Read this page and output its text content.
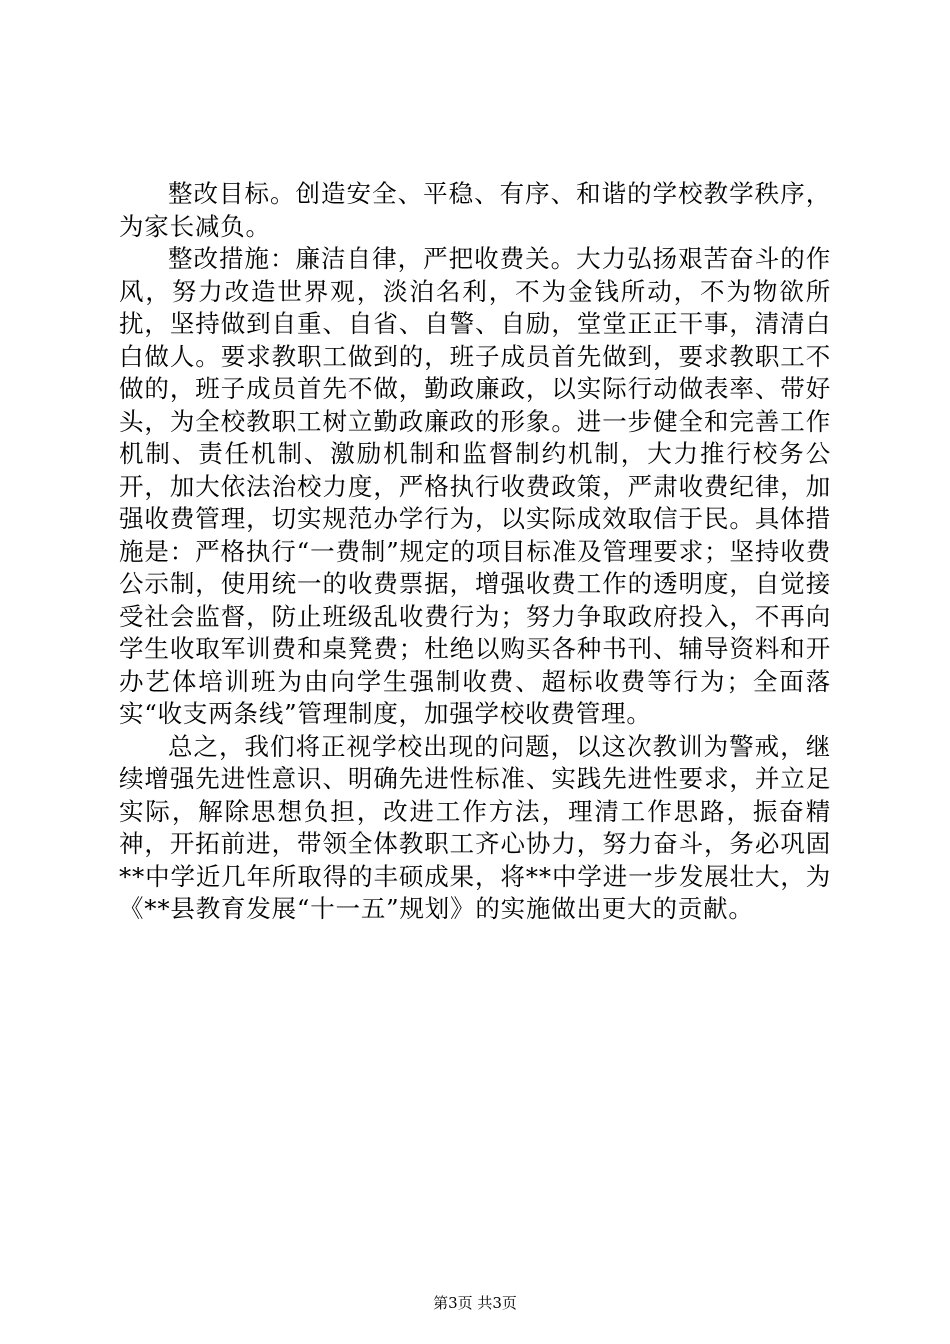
整改目标。创造安全、平稳、有序、和谐的学校教学秩序，为家长减负。

整改措施：廉洁自律，严把收费关。大力弘扬艰苦奋斗的作风，努力改造世界观，淡泊名利，不为金钱所动，不为物欲所扰，坚持做到自重、自省、自警、自励，堂堂正正干事，清清白白做人。要求教职工做到的，班子成员首先做到，要求教职工不做的，班子成员首先不做，勤政廉政，以实际行动做表率、带好头，为全校教职工树立勤政廉政的形象。进一步健全和完善工作机制、责任机制、激励机制和监督制约机制，大力推行校务公开，加大依法治校力度，严格执行收费政策，严肃收费纪律，加强收费管理，切实规范办学行为，以实际成效取信于民。具体措施是：严格执行“一费制”规定的项目标准及管理要求；坚持收费公示制，使用统一的收费票据，增强收费工作的透明度，自觉接受社会监督，防止班级乱收费行为；努力争取政府投入，不再向学生收取军训费和桌凳费；杜绝以购买各种书刊、辅导资料和开办艺体培训班为由向学生强制收费、超标收费等行为；全面落实“收支两条线”管理制度，加强学校收费管理。

总之，我们将正视学校出现的问题，以这次教训为警戒，继续增强先进性意识、明确先进性标准、实践先进性要求，并立足实际，解除思想负担，改进工作方法，理清工作思路，振奋精神，开拓前进，带领全体教职工齐心协力，努力奋斗，务必巩固**中学近几年所取得的丰硕成果，将**中学进一步发展壮大，为《**县教育发展“十一五”规划》的实施做出更大的贡献。

第3页 共3页
